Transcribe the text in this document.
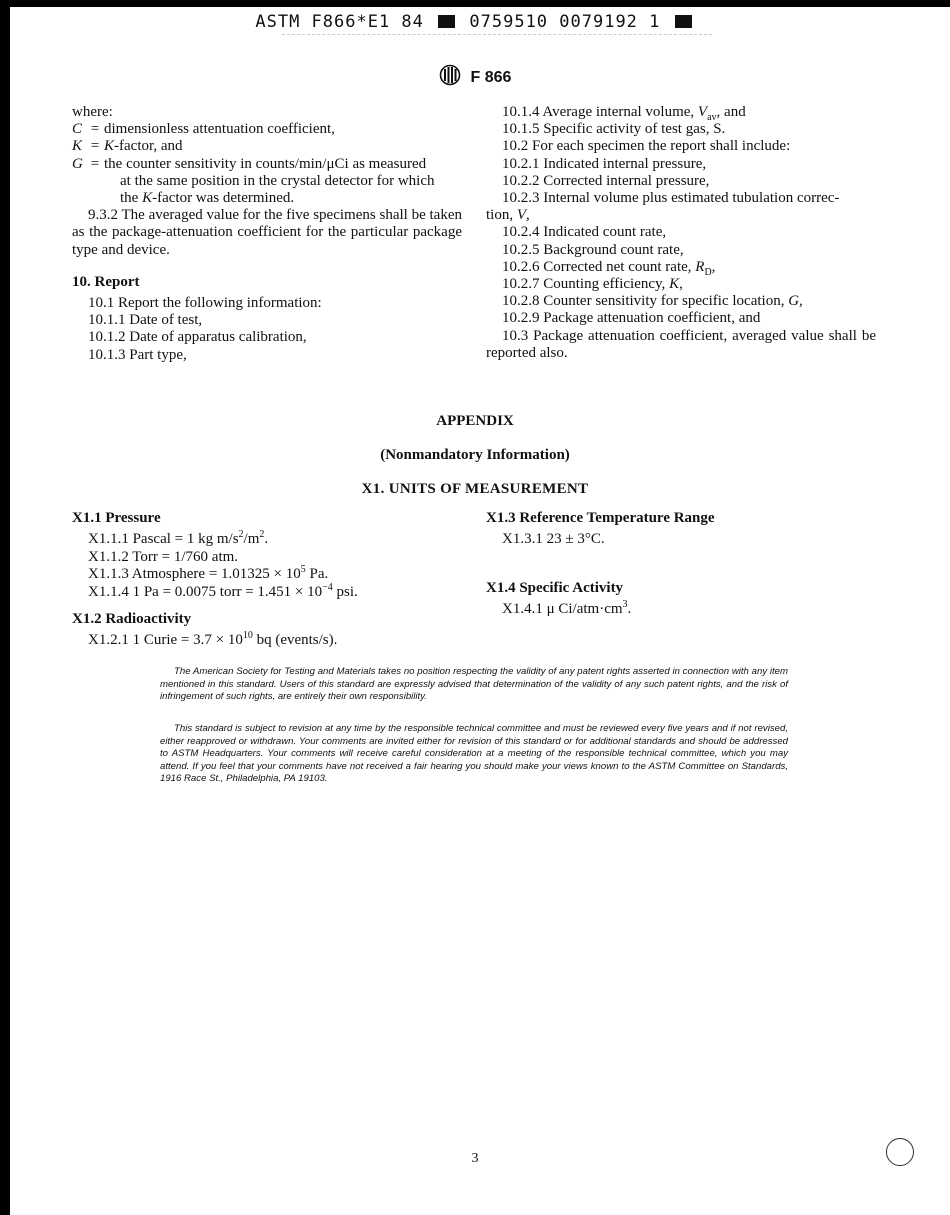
ASTM F866*E1 84	0759510 0079192 1
F 866

where:

C = dimensionless attentuation coefficient,
K = K-factor, and
G = the counter sensitivity in counts/min/μCi as measured
at the same position in the crystal detector for which
the K-factor was determined.

9.3.2 The averaged value for the five specimens shall be taken as the package-attenuation coefficient for the particular package type and device.

10. Report

10.1 Report the following information:

10.1.1 Date of test,

10.1.2 Date of apparatus calibration,

10.1.3 Part type,

10.1.4 Average internal volume, $V_{av}$, and

10.1.5 Specific activity of test gas, S.

10.2 For each specimen the report shall include:

10.2.1 Indicated internal pressure,

10.2.2 Corrected internal pressure,

10.2.3 Internal volume plus estimated tubulation correc-

tion, V,

10.2.4 Indicated count rate,

10.2.5 Background count rate,

10.2.6 Corrected net count rate, $R_D$,

10.2.7 Counting efficiency, K,

10.2.8 Counter sensitivity for specific location, G,

10.2.9 Package attenuation coefficient, and

10.3 Package attenuation coefficient, averaged value shall be reported also.

APPENDIX
(Nonmandatory Information)
X1. UNITS OF MEASUREMENT

X1.1 Pressure

X1.1.1 Pascal = 1 kg $m/s^2/m^2$.

X1.1.2 Torr = 1/760 atm.

X1.1.3 Atmosphere = $1.01325 \times 10^5$ Pa.

X1.1.4 1 Pa = 0.0075 torr = $1.451 \times 10^{-4}$ psi.

X1.2 Radioactivity

X1.2.1 1 Curie = $3.7 \times 10^{10}$ bq (events/s).

X1.3 Reference Temperature Range

X1.3.1 23 ± 3°C.

X1.4 Specific Activity

X1.4.1 μ $Ci/atm\cdot cm^3$.

The American Society for Testing and Materials takes no position respecting the validity of any patent rights asserted in connection with any item mentioned in this standard. Users of this standard are expressly advised that determination of the validity of any such patent rights, and the risk of infringement of such rights, are entirely their own responsibility.

This standard is subject to revision at any time by the responsible technical committee and must be reviewed every five years and if not revised, either reapproved or withdrawn. Your comments are invited either for revision of this standard or for additional standards and should be addressed to ASTM Headquarters. Your comments will receive careful consideration at a meeting of the responsible technical committee, which you may attend. If you feel that your comments have not received a fair hearing you should make your views known to the ASTM Committee on Standards, 1916 Race St., Philadelphia, PA 19103.

3
